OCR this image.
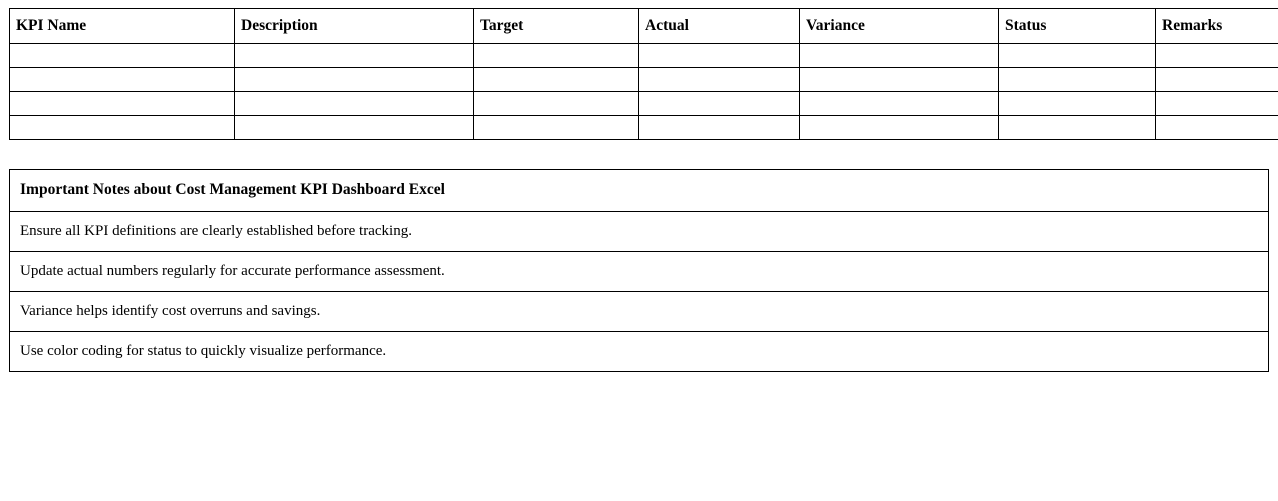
KPI Name	Description	Target	Actual	Variance	Status	Remarks

Important Notes about Cost Management KPI Dashboard Excel
Ensure all KPI definitions are clearly established before tracking.
Update actual numbers regularly for accurate performance assessment.
Variance helps identify cost overruns and savings.
Use color coding for status to quickly visualize performance.
